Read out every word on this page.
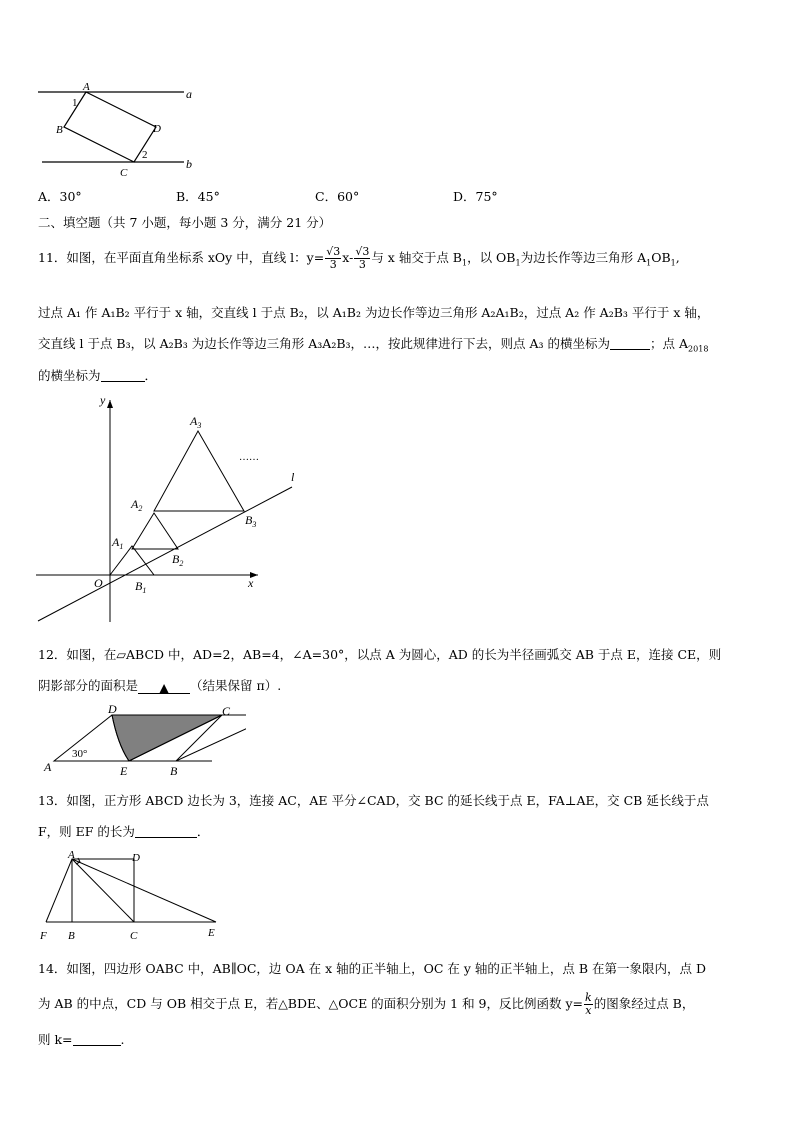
a
b
A
B
C
D
1
2
A．30°	B．45°	C．60°	D．75°
二、填空题（共 7 小题，每小题 3 分，满分 21 分）
11．如图，在平面直角坐标系 xOy 中，直线 l：$y= \frac{√3}{3} x- \frac{√3}{3}$ 与 x 轴交于点 $B_1$，以 $OB_1$为边长作等边三角形 $A_1OB_1$,
过点 A₁ 作 A₁B₂ 平行于 x 轴，交直线 l 于点 B₂，以 A₁B₂ 为边长作等边三角形 A₂A₁B₂，过点 A₂ 作 A₂B₃ 平行于 x 轴，
交直线 l 于点 B₃，以 A₂B₃ 为边长作等边三角形 A₃A₂B₃，…，按此规律进行下去，则点 A₃ 的横坐标为	；点 $A_{2018}$
的横坐标为	．
y
x
O
l
$A_1$
$A_2$
$A_3$
$B_1$
$B_2$
$B_3$
……
12．如图，在▱ABCD 中，AD=2，AB=4，∠A=30°，以点 A 为圆心，AD 的长为半径画弧交 AB 于点 E，连接 CE，则
阴影部分的面积是 ▲ （结果保留 π）.
A
D	C
E	B
30°
13．如图，正方形 ABCD 边长为 3，连接 AC，AE 平分∠CAD，交 BC 的延长线于点 E，FA⊥AE，交 CB 延长线于点
F，则 EF 的长为	．
A	D
F B	C	E
14．如图，四边形 OABC 中，AB∥OC，边 OA 在 x 轴的正半轴上，OC 在 y 轴的正半轴上，点 B 在第一象限内，点 D
为 AB 的中点，CD 与 OB 相交于点 E，若△BDE、△OCE 的面积分别为 1 和 9，反比例函数 $y= \frac{k}{x}$ 的图象经过点 B，
则 k=	.
